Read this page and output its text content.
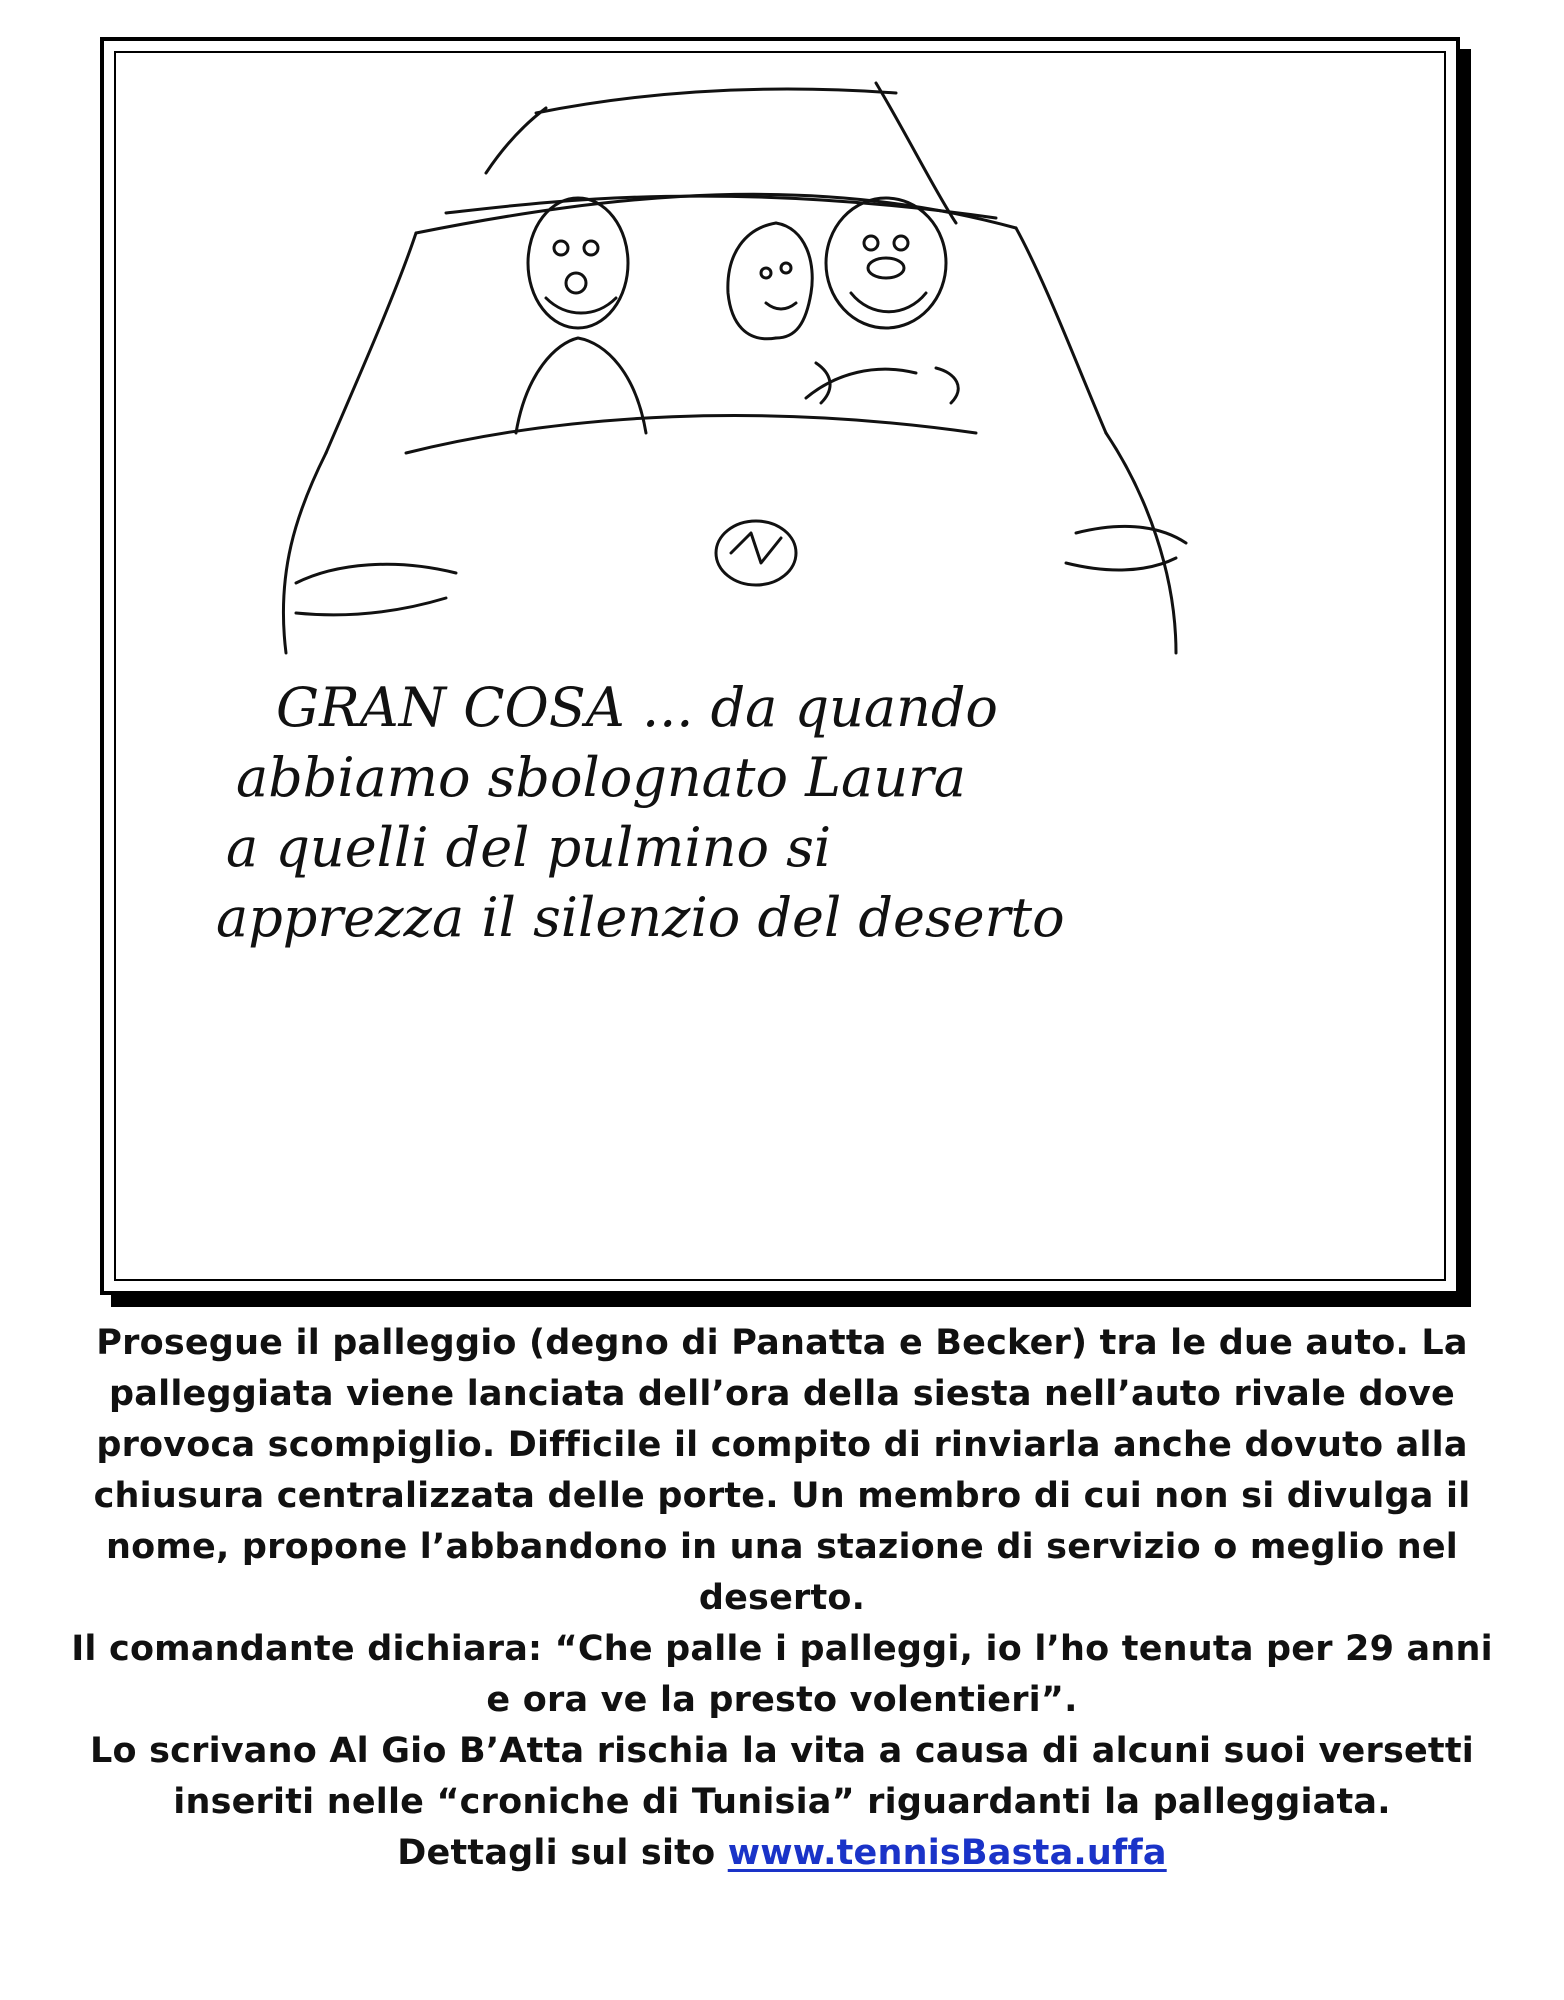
GRAN COSA ... da quando
abbiamo sbolognato Laura
a quelli del pulmino si
apprezza il silenzio del deserto

Prosegue il palleggio (degno di Panatta e Becker) tra le due auto. La
palleggiata viene lanciata dell’ora della siesta nell’auto rivale dove
provoca scompiglio. Difficile il compito di rinviarla anche dovuto alla
chiusura centralizzata delle porte. Un membro di cui non si divulga il
nome, propone l’abbandono in una stazione di servizio o meglio nel
deserto.

Il comandante dichiara: “Che palle i palleggi, io l’ho tenuta per 29 anni
e ora ve la presto volentieri”.

Lo scrivano Al Gio B’Atta rischia la vita a causa di alcuni suoi versetti
inseriti nelle “croniche di Tunisia” riguardanti la palleggiata.

Dettagli sul sito www.tennisBasta.uffa
